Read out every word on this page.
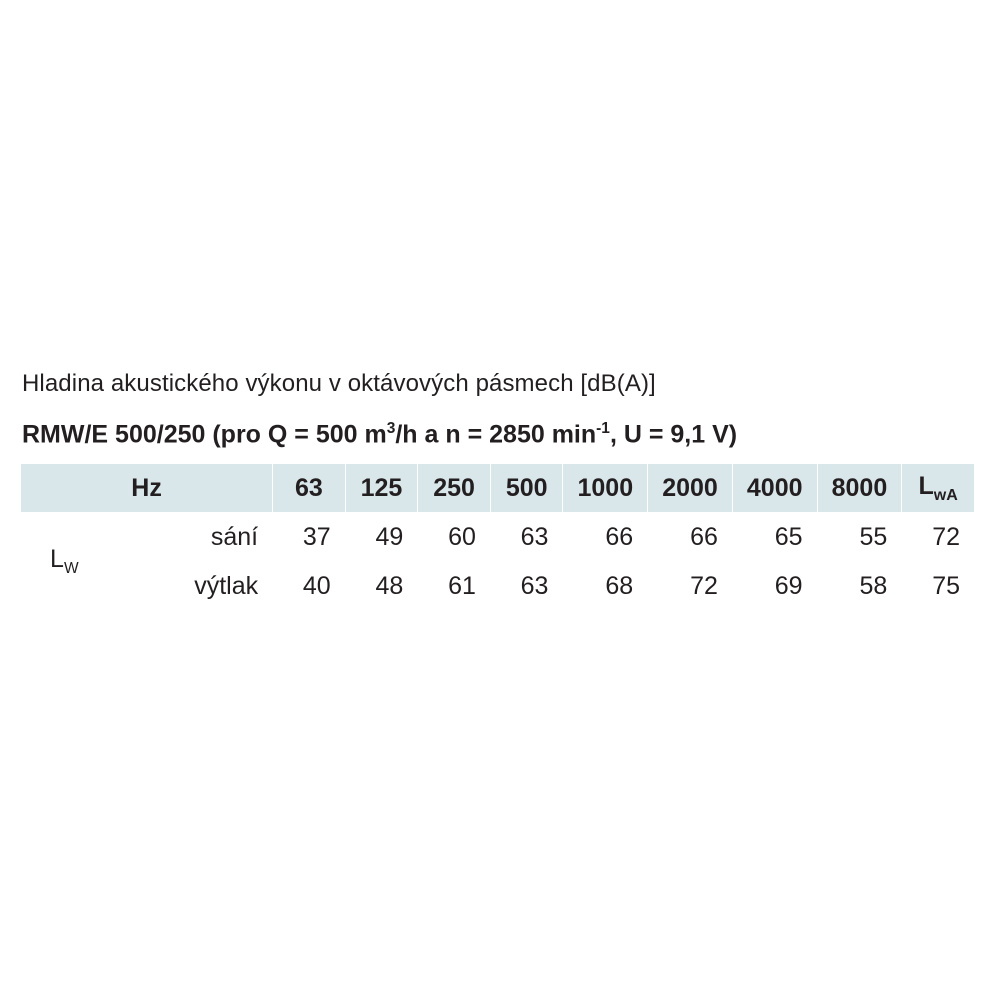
Hladina akustického výkonu v oktávových pásmech [dB(A)]
RMW/E 500/250 (pro Q = 500 $m^3/h$ a n = 2850 $\min^{-1}$, U = 9,1 V)
Hz		63	125	250	500	1000	2000	4000	8000	$L_{wA}$
$L_W$	sání	37	49	60	63	66	66	65	55	72
	výtlak	40	48	61	63	68	72	69	58	75
